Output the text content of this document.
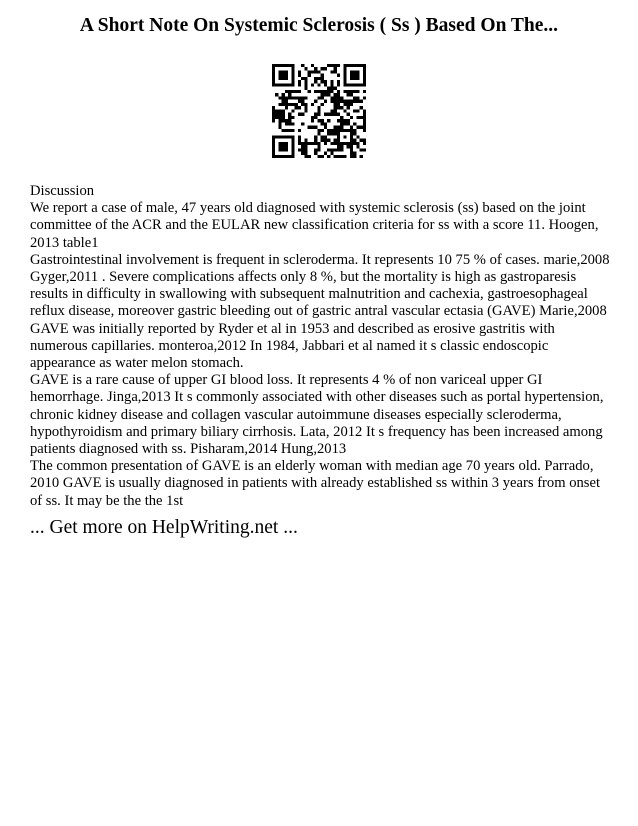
A Short Note On Systemic Sclerosis ( Ss ) Based On The...

Discussion

We report a case of male, 47 years old diagnosed with systemic sclerosis (ss) based on the joint committee of the ACR and the EULAR new classification criteria for ss with a score 11. Hoogen, 2013 table1

Gastrointestinal involvement is frequent in scleroderma. It represents 10 75 % of cases. marie,2008 Gyger,2011 . Severe complications affects only 8 %, but the mortality is high as gastroparesis results in difficulty in swallowing with subsequent malnutrition and cachexia, gastroesophageal reflux disease, moreover gastric bleeding out of gastric antral vascular ectasia (GAVE) Marie,2008

GAVE was initially reported by Ryder et al in 1953 and described as erosive gastritis with numerous capillaries. monteroa,2012 In 1984, Jabbari et al named it s classic endoscopic appearance as water melon stomach.

GAVE is a rare cause of upper GI blood loss. It represents 4 % of non variceal upper GI hemorrhage. Jinga,2013 It s commonly associated with other diseases such as portal hypertension, chronic kidney disease and collagen vascular autoimmune diseases especially scleroderma, hypothyroidism and primary biliary cirrhosis. Lata, 2012 It s frequency has been increased among patients diagnosed with ss. Pisharam,2014 Hung,2013

The common presentation of GAVE is an elderly woman with median age 70 years old. Parrado, 2010 GAVE is usually diagnosed in patients with already established ss within 3 years from onset of ss. It may be the the 1st

... Get more on HelpWriting.net ...
